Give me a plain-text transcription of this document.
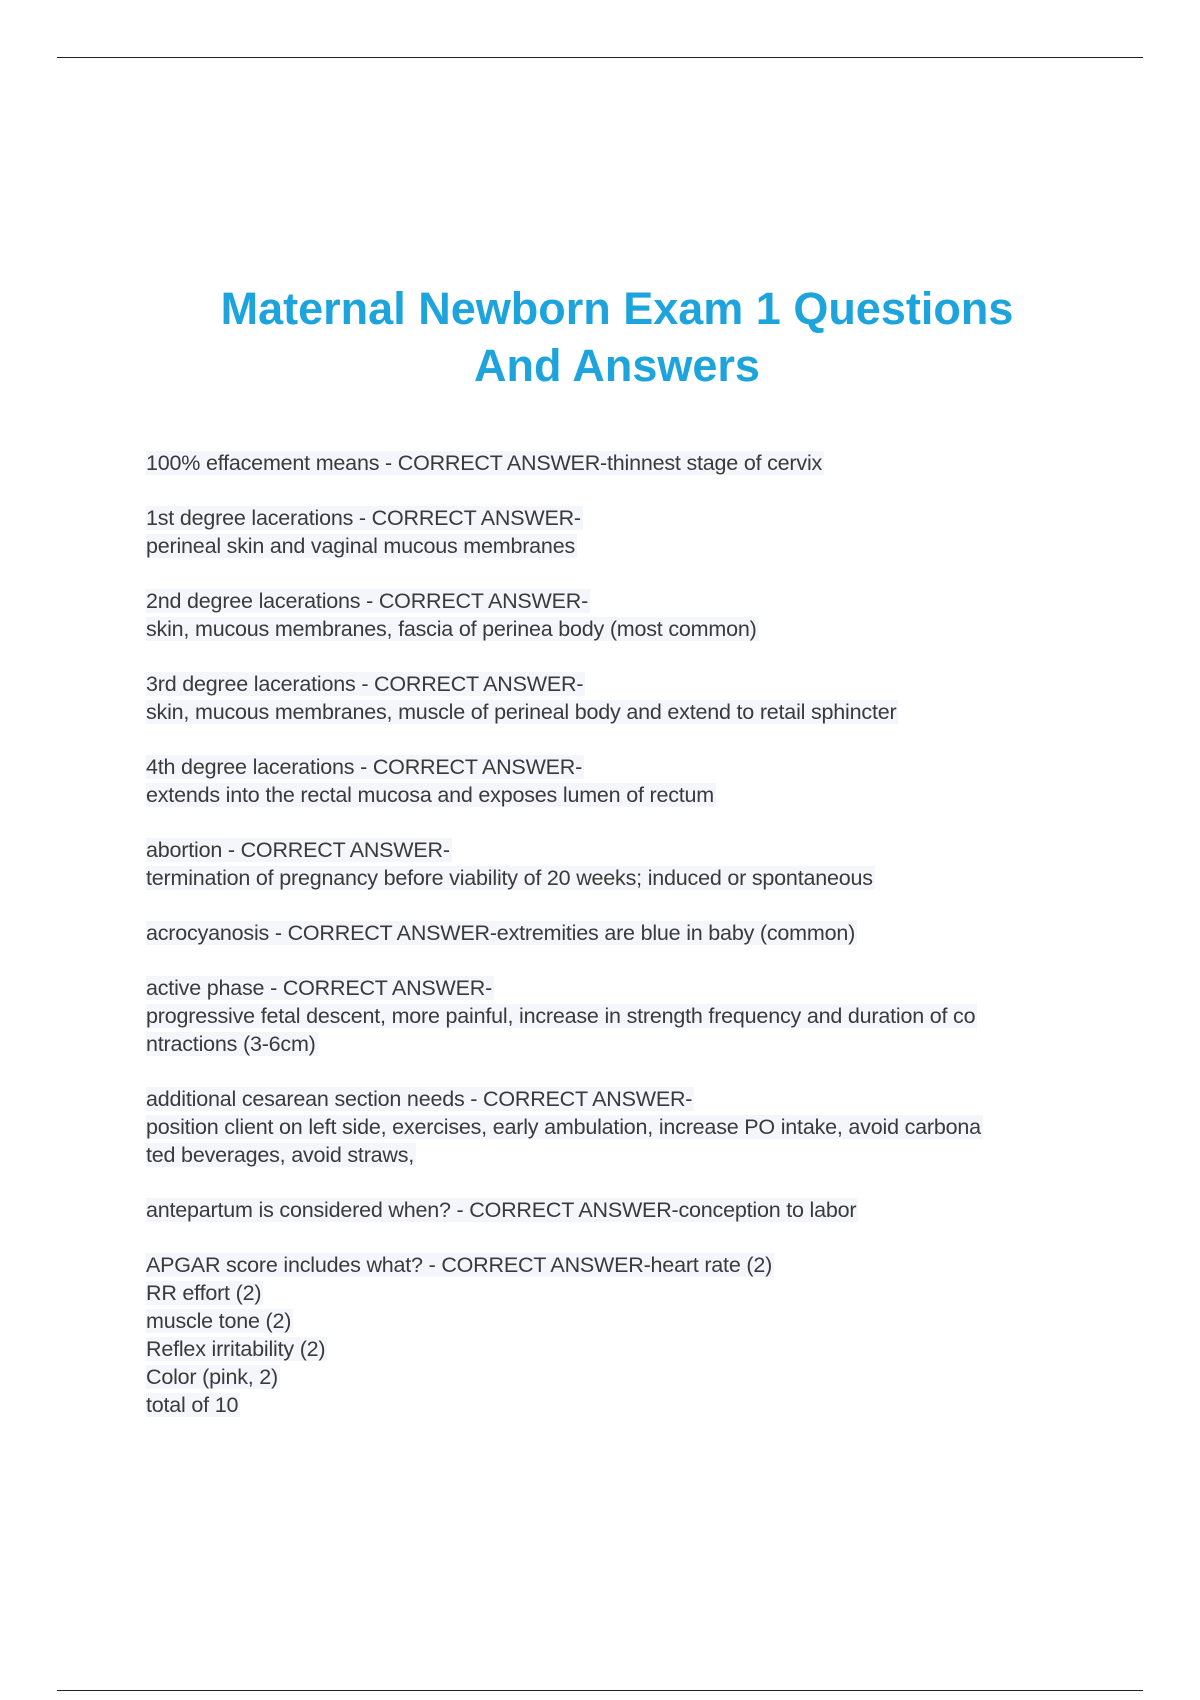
Maternal Newborn Exam 1 Questions
And Answers
100% effacement means - CORRECT ANSWER-thinnest stage of cervix
1st degree lacerations - CORRECT ANSWER-
perineal skin and vaginal mucous membranes
2nd degree lacerations - CORRECT ANSWER-
skin, mucous membranes, fascia of perinea body (most common)
3rd degree lacerations - CORRECT ANSWER-
skin, mucous membranes, muscle of perineal body and extend to retail sphincter
4th degree lacerations - CORRECT ANSWER-
extends into the rectal mucosa and exposes lumen of rectum
abortion - CORRECT ANSWER-
termination of pregnancy before viability of 20 weeks; induced or spontaneous
acrocyanosis - CORRECT ANSWER-extremities are blue in baby (common)
active phase - CORRECT ANSWER-
progressive fetal descent, more painful, increase in strength frequency and duration of co
ntractions (3-6cm)
additional cesarean section needs - CORRECT ANSWER-
position client on left side, exercises, early ambulation, increase PO intake, avoid carbona
ted beverages, avoid straws,
antepartum is considered when? - CORRECT ANSWER-conception to labor
APGAR score includes what? - CORRECT ANSWER-heart rate (2)
RR effort (2)
muscle tone (2)
Reflex irritability (2)
Color (pink, 2)
total of 10
